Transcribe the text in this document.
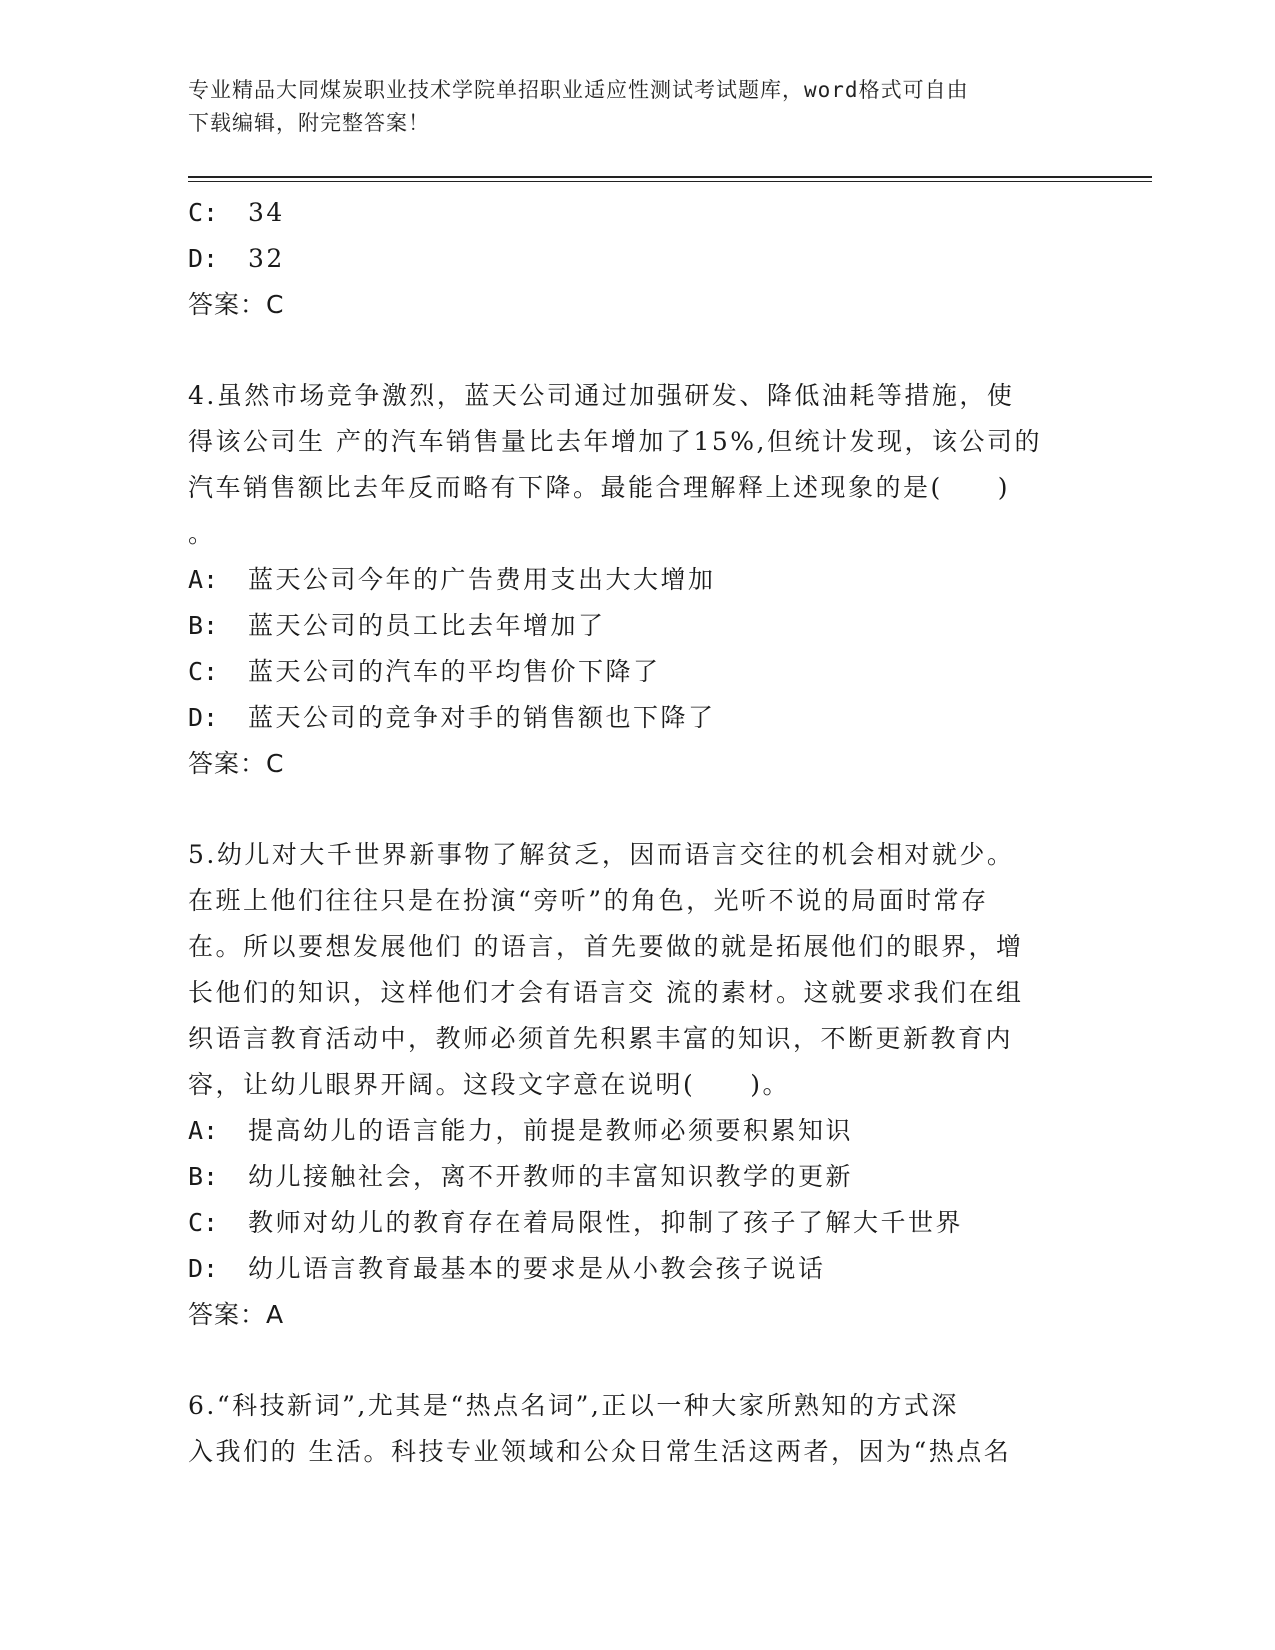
专业精品大同煤炭职业技术学院单招职业适应性测试考试题库，word格式可自由
下载编辑，附完整答案！
C: 34
D: 32
答案：C
4.虽然市场竞争激烈，蓝天公司通过加强研发、降低油耗等措施，使
得该公司生 产的汽车销售量比去年增加了15%,但统计发现，该公司的
汽车销售额比去年反而略有下降。最能合理解释上述现象的是(　　)
。
A: 蓝天公司今年的广告费用支出大大增加
B: 蓝天公司的员工比去年增加了
C: 蓝天公司的汽车的平均售价下降了
D: 蓝天公司的竞争对手的销售额也下降了
答案：C
5.幼儿对大千世界新事物了解贫乏，因而语言交往的机会相对就少。
在班上他们往往只是在扮演“旁听”的角色，光听不说的局面时常存
在。所以要想发展他们 的语言，首先要做的就是拓展他们的眼界，增
长他们的知识，这样他们才会有语言交 流的素材。这就要求我们在组
织语言教育活动中，教师必须首先积累丰富的知识，不断更新教育内
容，让幼儿眼界开阔。这段文字意在说明(　　)。
A: 提高幼儿的语言能力，前提是教师必须要积累知识
B: 幼儿接触社会，离不开教师的丰富知识教学的更新
C: 教师对幼儿的教育存在着局限性，抑制了孩子了解大千世界
D: 幼儿语言教育最基本的要求是从小教会孩子说话
答案：A
6.“科技新词”,尤其是“热点名词”,正以一种大家所熟知的方式深
入我们的 生活。科技专业领域和公众日常生活这两者，因为“热点名
